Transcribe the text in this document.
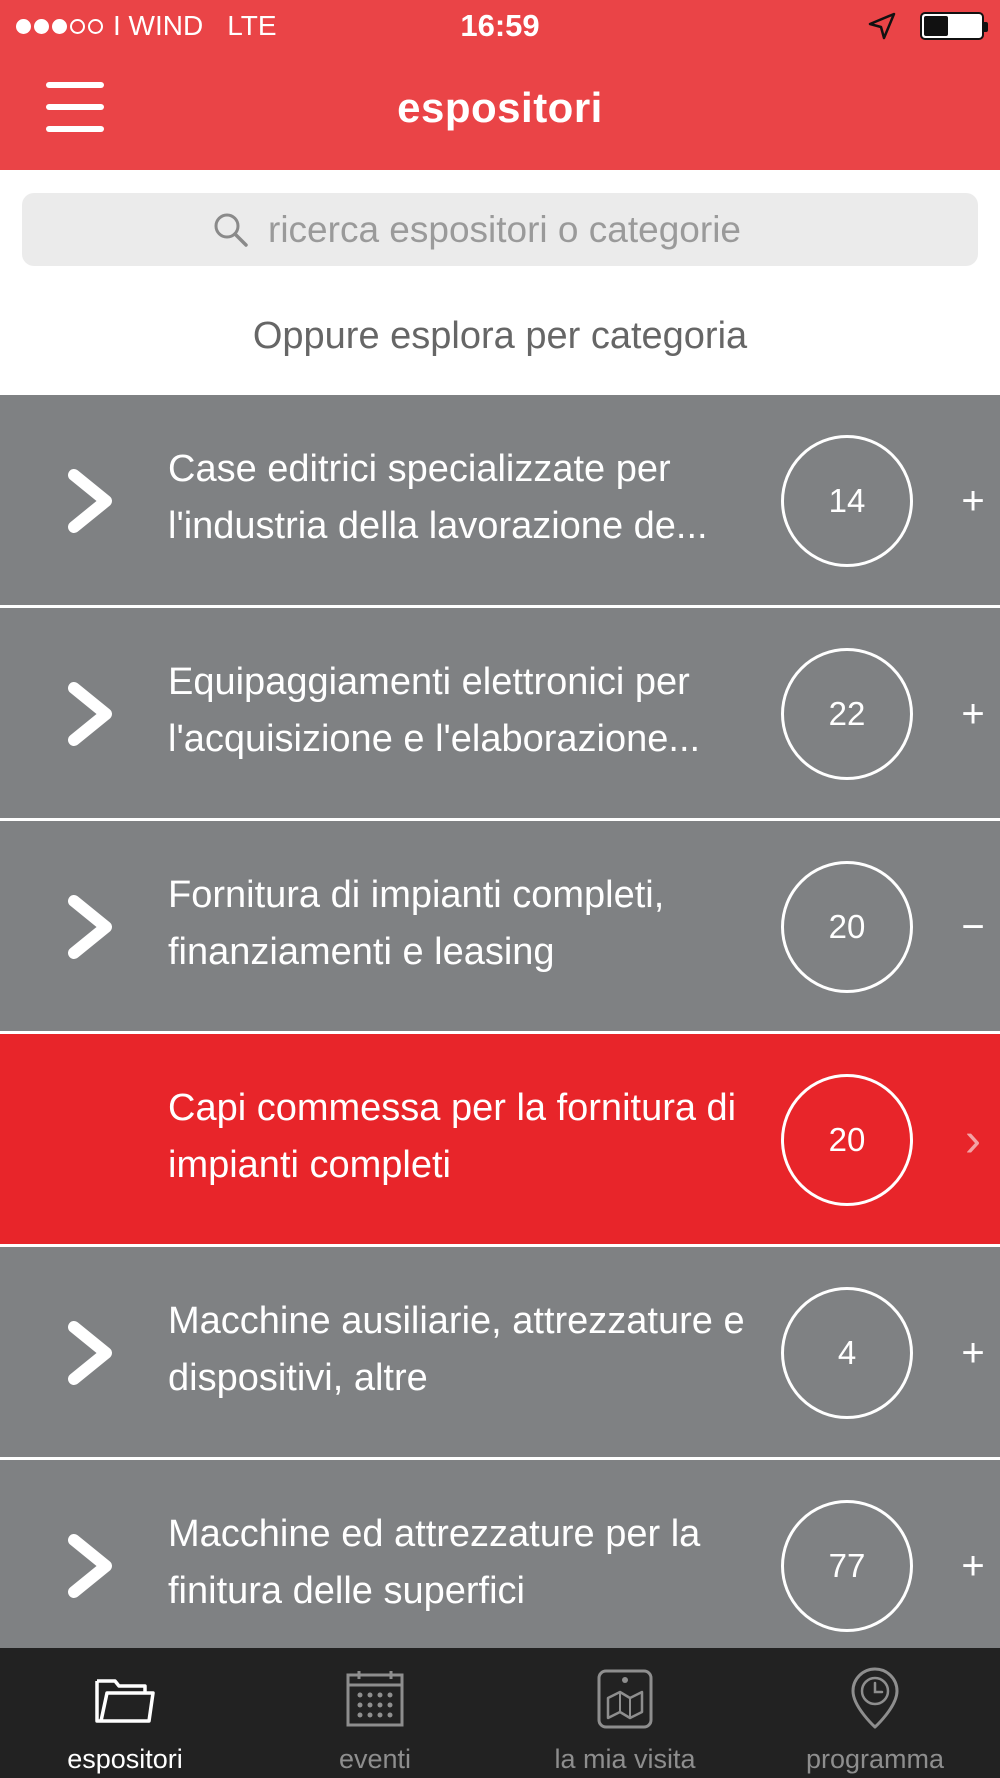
I WIND LTE	16:59
espositori
ricerca espositori o categorie
Oppure esplora per categoria
Case editrici specializzate per l'industria della lavorazione de...
14	+
Equipaggiamenti elettronici per l'acquisizione e l'elaborazione...
22	+
Fornitura di impianti completi, finanziamenti e leasing
20	−
Capi commessa per la fornitura di impianti completi
20	›
Macchine ausiliarie, attrezzature e dispositivi, altre
4	+
Macchine ed attrezzature per la finitura delle superfici
77	+
espositori	eventi	la mia visita	programma
